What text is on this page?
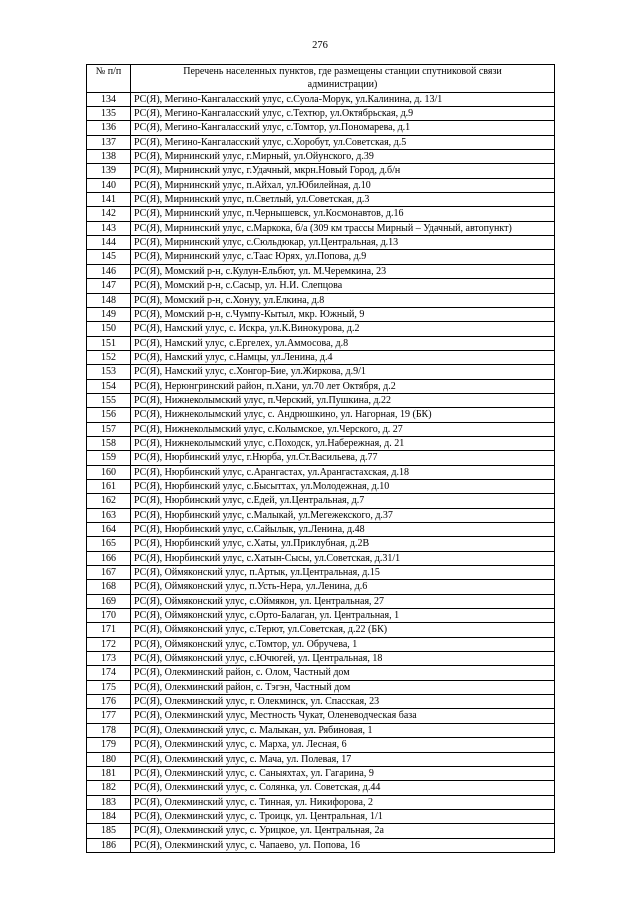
276
№ п/п	Перечень населенных пунктов, где размещены станции спутниковой связи
администрации)
134	РС(Я), Мегино-Кангаласский улус, с.Суола-Морук, ул.Калинина, д. 13/1
135	РС(Я), Мегино-Кангаласский улус, с.Техтюр, ул.Октябрьская, д.9
136	РС(Я), Мегино-Кангаласский улус, с.Томтор, ул.Пономарева, д.1
137	РС(Я), Мегино-Кангаласский улус, с.Хоробут, ул.Советская, д.5
138	РС(Я), Мирнинский улус, г.Мирный, ул.Ойунского, д.39
139	РС(Я), Мирнинский улус, г.Удачный, мкрн.Новый Город, д.б/н
140	РС(Я), Мирнинский улус, п.Айхал, ул.Юбилейная, д.10
141	РС(Я), Мирнинский улус, п.Светлый, ул.Советская, д.3
142	РС(Я), Мирнинский улус, п.Чернышевск, ул.Космонавтов, д.16
143	РС(Я), Мирнинский улус, с.Маркока, б/а (309 км трассы Мирный – Удачный, автопункт)
144	РС(Я), Мирнинский улус, с.Сюльдюкар, ул.Центральная, д.13
145	РС(Я), Мирнинский улус, с.Таас Юрях, ул.Попова, д.9
146	РС(Я), Момский р-н, с.Кулун-Ельбют, ул. М.Черемкина, 23
147	РС(Я), Момский р-н, с.Сасыр, ул. Н.И. Слепцова
148	РС(Я), Момский р-н, с.Хонуу, ул.Елкина, д.8
149	РС(Я), Момский р-н, с.Чумпу-Кытыл, мкр. Южный, 9
150	РС(Я), Намский улус, с. Искра, ул.К.Винокурова, д.2
151	РС(Я), Намский улус, с.Ергелех, ул.Аммосова, д.8
152	РС(Я), Намский улус, с.Намцы, ул.Ленина, д.4
153	РС(Я), Намский улус, с.Хонгор-Бие, ул.Жиркова, д.9/1
154	РС(Я), Нерюнгринский район, п.Хани, ул.70 лет Октября, д.2
155	РС(Я), Нижнеколымский улус, п.Черский, ул.Пушкина, д.22
156	РС(Я), Нижнеколымский улус, с. Андрюшкино, ул. Нагорная, 19 (БК)
157	РС(Я), Нижнеколымский улус, с.Колымское, ул.Черского, д. 27
158	РС(Я), Нижнеколымский улус, с.Походск, ул.Набережная, д. 21
159	РС(Я), Нюрбинский улус, г.Нюрба, ул.Ст.Васильева, д.77
160	РС(Я), Нюрбинский улус, с.Арангастах, ул.Арангастахская, д.18
161	РС(Я), Нюрбинский улус, с.Бысыттах, ул.Молодежная, д.10
162	РС(Я), Нюрбинский улус, с.Едей, ул.Центральная, д.7
163	РС(Я), Нюрбинский улус, с.Малыкай, ул.Мегежекского, д.37
164	РС(Я), Нюрбинский улус, с.Сайылык, ул.Ленина, д.48
165	РС(Я), Нюрбинский улус, с.Хаты, ул.Приклубная, д.2В
166	РС(Я), Нюрбинский улус, с.Хатын-Сысы, ул.Советская, д.31/1
167	РС(Я), Оймяконский улус, п.Артык, ул.Центральная, д.15
168	РС(Я), Оймяконский улус, п.Усть-Нера, ул.Ленина, д.6
169	РС(Я), Оймяконский улус, с.Оймякон, ул. Центральная, 27
170	РС(Я), Оймяконский улус, с.Орто-Балаган, ул. Центральная, 1
171	РС(Я), Оймяконский улус, с.Терют, ул.Советская, д.22 (БК)
172	РС(Я), Оймяконский улус, с.Томтор, ул. Обручева, 1
173	РС(Я), Оймяконский улус, с.Ючюгей, ул. Центральная, 18
174	РС(Я), Олекминский район, с. Олом, Частный дом
175	РС(Я), Олекминский район, с. Тэгэн, Частный дом
176	РС(Я), Олекминский улус, г. Олекминск, ул. Спасская, 23
177	РС(Я), Олекминский улус, Местность Чукат, Оленеводческая база
178	РС(Я), Олекминский улус, с. Малыкан, ул. Рябиновая, 1
179	РС(Я), Олекминский улус, с. Марха, ул. Лесная, 6
180	РС(Я), Олекминский улус, с. Мача, ул. Полевая, 17
181	РС(Я), Олекминский улус, с. Саныяхтах, ул. Гагарина, 9
182	РС(Я), Олекминский улус, с. Солянка, ул. Советская, д.44
183	РС(Я), Олекминский улус, с. Тинная, ул. Никифорова, 2
184	РС(Я), Олекминский улус, с. Троицк, ул. Центральная, 1/1
185	РС(Я), Олекминский улус, с. Урицкое, ул. Центральная, 2а
186	РС(Я), Олекминский улус, с. Чапаево, ул. Попова, 16
